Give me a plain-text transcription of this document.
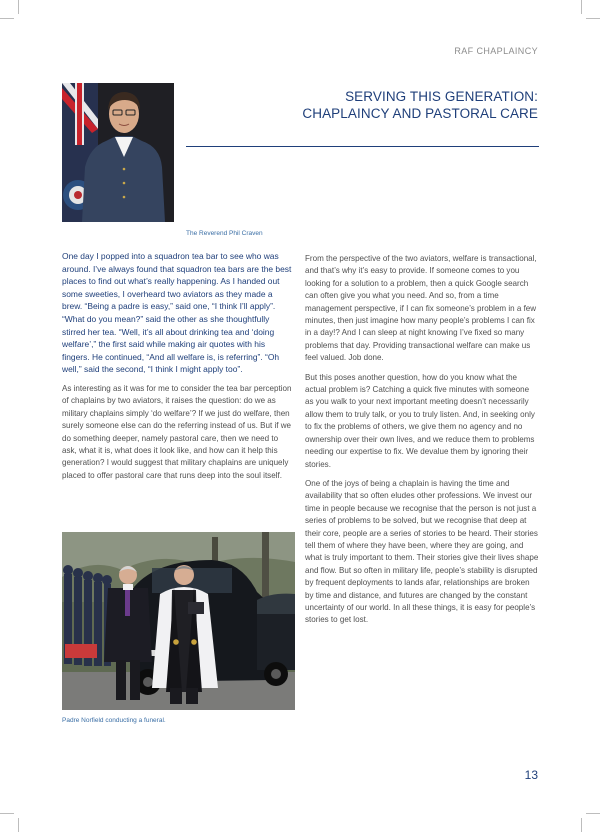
RAF CHAPLAINCY
SERVING THIS GENERATION:
CHAPLAINCY AND PASTORAL CARE
The Reverend Phil Craven

One day I popped into a squadron tea bar to see who was around. I’ve always found that squadron tea bars are the best places to find out what’s really happening. As I handed out some sweeties, I overheard two aviators as they made a brew. “Being a padre is easy,” said one, “I think I’ll apply”. “What do you mean?” said the other as she thoughtfully stirred her tea. “Well, it’s all about drinking tea and ‘doing welfare’,” the first said while making air quotes with his fingers. He continued, “And all welfare is, is referring”. “Oh well,” said the second, “I think I might apply too”.

As interesting as it was for me to consider the tea bar perception of chaplains by two aviators, it raises the question: do we as military chaplains simply ‘do welfare’? If we just do welfare, then surely someone else can do the referring instead of us. But if we do something deeper, namely pastoral care, then we need to ask, what it is, what does it look like, and how can it help this generation? I would suggest that military chaplains are uniquely placed to offer pastoral care that runs deep into the soul itself.

From the perspective of the two aviators, welfare is transactional, and that’s why it’s easy to provide. If someone comes to you looking for a solution to a problem, then a quick Google search can often give you what you need. And so, from a time management perspective, if I can fix someone’s problem in a few minutes, then just imagine how many people’s problems I can fix in a day!? And I can sleep at night knowing I’ve fixed so many problems that day. Providing transactional welfare can make us feel valued. Job done.

But this poses another question, how do you know what the actual problem is? Catching a quick five minutes with someone as you walk to your next important meeting doesn’t necessarily allow them to truly talk, or you to truly listen. And, in seeking only to fix the problems of others, we give them no agency and no ownership over their own lives, and we reduce them to problems needing our expertise to fix. We devalue them by ignoring their stories.

One of the joys of being a chaplain is having the time and availability that so often eludes other professions. We invest our time in people because we recognise that the person is not just a series of problems to be solved, but we recognise that deep at their core, people are a series of stories to be heard. Their stories tell them of where they have been, where they are going, and what is truly important to them. Their stories give their lives shape and flow. But so often in military life, people’s stability is disrupted by frequent deployments to lands afar, relationships are broken by time and distance, and futures are changed by the constant uncertainty of our world. In all these things, it is easy for people’s stories to get lost.

Padre Norfield conducting a funeral.
13
